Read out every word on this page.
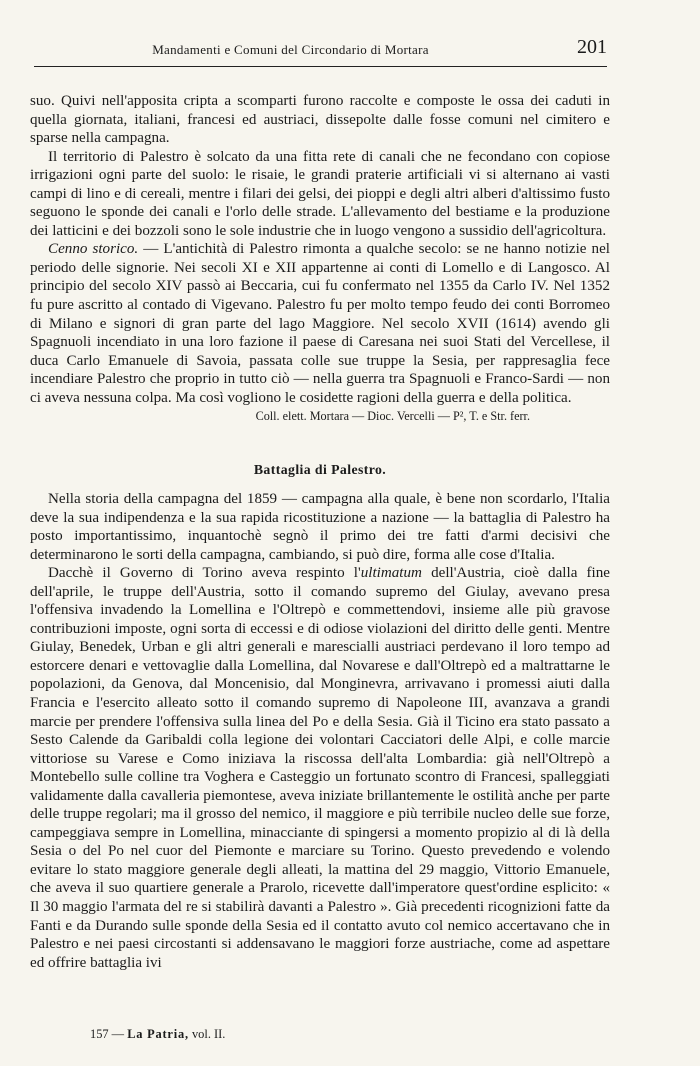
Mandamenti e Comuni del Circondario di Mortara	201

suo. Quivi nell'apposita cripta a scomparti furono raccolte e composte le ossa dei caduti in quella giornata, italiani, francesi ed austriaci, dissepolte dalle fosse comuni nel cimitero e sparse nella campagna.

Il territorio di Palestro è solcato da una fitta rete di canali che ne fecondano con copiose irrigazioni ogni parte del suolo: le risaie, le grandi praterie artificiali vi si alternano ai vasti campi di lino e di cereali, mentre i filari dei gelsi, dei pioppi e degli altri alberi d'altissimo fusto seguono le sponde dei canali e l'orlo delle strade. L'allevamento del bestiame e la produzione dei latticini e dei bozzoli sono le sole industrie che in luogo vengono a sussidio dell'agricoltura.

Cenno storico. — L'antichità di Palestro rimonta a qualche secolo: se ne hanno notizie nel periodo delle signorie. Nei secoli XI e XII appartenne ai conti di Lomello e di Langosco. Al principio del secolo XIV passò ai Beccaria, cui fu confermato nel 1355 da Carlo IV. Nel 1352 fu pure ascritto al contado di Vigevano. Palestro fu per molto tempo feudo dei conti Borromeo di Milano e signori di gran parte del lago Maggiore. Nel secolo XVII (1614) avendo gli Spagnuoli incendiato in una loro fazione il paese di Caresana nei suoi Stati del Vercellese, il duca Carlo Emanuele di Savoia, passata colle sue truppe la Sesia, per rappresaglia fece incendiare Palestro che proprio in tutto ciò — nella guerra tra Spagnuoli e Franco-Sardi — non ci aveva nessuna colpa. Ma così vogliono le cosidette ragioni della guerra e della politica.

Coll. elett. Mortara — Dioc. Vercelli — P², T. e Str. ferr.

Battaglia di Palestro.

Nella storia della campagna del 1859 — campagna alla quale, è bene non scordarlo, l'Italia deve la sua indipendenza e la sua rapida ricostituzione a nazione — la battaglia di Palestro ha posto importantissimo, inquantochè segnò il primo dei tre fatti d'armi decisivi che determinarono le sorti della campagna, cambiando, si può dire, forma alle cose d'Italia.

Dacchè il Governo di Torino aveva respinto l'ultimatum dell'Austria, cioè dalla fine dell'aprile, le truppe dell'Austria, sotto il comando supremo del Giulay, avevano presa l'offensiva invadendo la Lomellina e l'Oltrepò e commettendovi, insieme alle più gravose contribuzioni imposte, ogni sorta di eccessi e di odiose violazioni del diritto delle genti. Mentre Giulay, Benedek, Urban e gli altri generali e marescialli austriaci perdevano il loro tempo ad estorcere denari e vettovaglie dalla Lomellina, dal Novarese e dall'Oltrepò ed a maltrattarne le popolazioni, da Genova, dal Moncenisio, dal Monginevra, arrivavano i promessi aiuti dalla Francia e l'esercito alleato sotto il comando supremo di Napoleone III, avanzava a grandi marcie per prendere l'offensiva sulla linea del Po e della Sesia. Già il Ticino era stato passato a Sesto Calende da Garibaldi colla legione dei volontari Cacciatori delle Alpi, e colle marcie vittoriose su Varese e Como iniziava la riscossa dell'alta Lombardia: già nell'Oltrepò a Montebello sulle colline tra Voghera e Casteggio un fortunato scontro di Francesi, spalleggiati validamente dalla cavalleria piemontese, aveva iniziate brillantemente le ostilità anche per parte delle truppe regolari; ma il grosso del nemico, il maggiore e più terribile nucleo delle sue forze, campeggiava sempre in Lomellina, minacciante di spingersi a momento propizio al di là della Sesia o del Po nel cuor del Piemonte e marciare su Torino. Questo prevedendo e volendo evitare lo stato maggiore generale degli alleati, la mattina del 29 maggio, Vittorio Emanuele, che aveva il suo quartiere generale a Prarolo, ricevette dall'imperatore quest'ordine esplicito: « Il 30 maggio l'armata del re si stabilirà davanti a Palestro ». Già precedenti ricognizioni fatte da Fanti e da Durando sulle sponde della Sesia ed il contatto avuto col nemico accertavano che in Palestro e nei paesi circostanti si addensavano le maggiori forze austriache, come ad aspettare ed offrire battaglia ivi

157 — La Patria, vol. II.
